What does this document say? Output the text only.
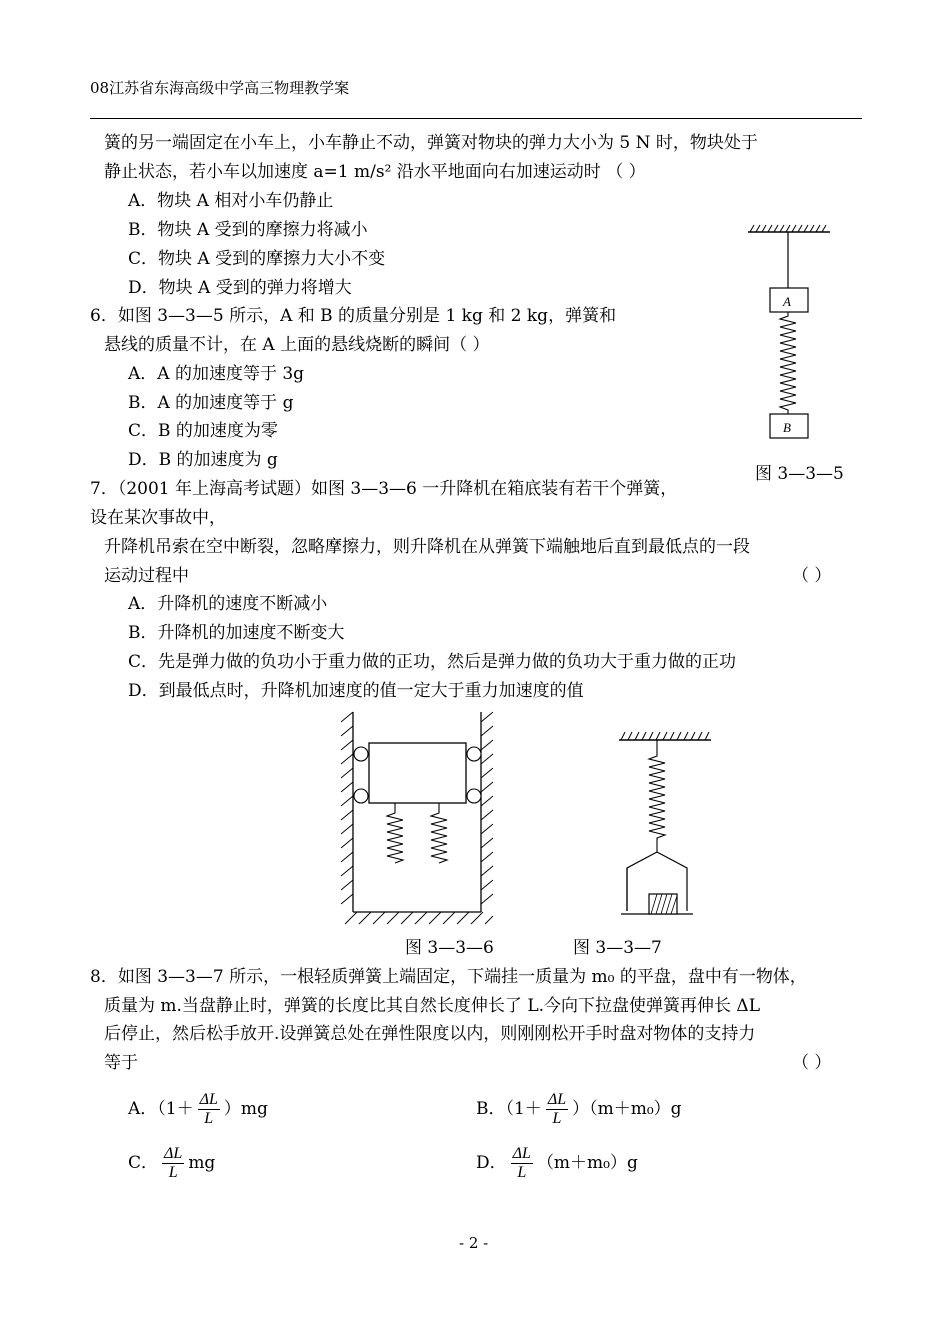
08江苏省东海高级中学高三物理教学案
簧的另一端固定在小车上，小车静止不动，弹簧对物块的弹力大小为 5 N 时，物块处于
静止状态，若小车以加速度 a=1 m/s² 沿水平地面向右加速运动时 （ ）
A．物块 A 相对小车仍静止
B．物块 A 受到的摩擦力将减小
C．物块 A 受到的摩擦力大小不变
D．物块 A 受到的弹力将增大
6．如图 3—3—5 所示，A 和 B 的质量分别是 1 kg 和 2 kg，弹簧和
悬线的质量不计，在 A 上面的悬线烧断的瞬间（ ）
A．A 的加速度等于 3g
B．A 的加速度等于 g
C．B 的加速度为零
D．B 的加速度为 g
A
B
图 3—3—5
7．（2001 年上海高考试题）如图 3—3—6 一升降机在箱底装有若干个弹簧，
设在某次事故中，
升降机吊索在空中断裂，忽略摩擦力，则升降机在从弹簧下端触地后直到最低点的一段
运动过程中	（ ）
A．升降机的速度不断减小
B．升降机的加速度不断变大
C．先是弹力做的负功小于重力做的正功，然后是弹力做的负功大于重力做的正功
D．到最低点时，升降机加速度的值一定大于重力加速度的值
图 3—3—6	图 3—3—7
8．如图 3—3—7 所示，一根轻质弹簧上端固定，下端挂一质量为 m₀ 的平盘，盘中有一物体，
质量为 m.当盘静止时，弹簧的长度比其自然长度伸长了 L.今向下拉盘使弹簧再伸长 ΔL
后停止，然后松手放开.设弹簧总处在弹性限度以内，则刚刚松开手时盘对物体的支持力
等于	（ ）
A．$(1+ \frac{\Delta L}{L} )mg$	B．$(1+ \frac{\Delta L}{L} )(m+m_0)g$
C． $\frac{\Delta L}{L}$ mg	D． $\frac{\Delta L}{L} (m+m_0)g$
- 2 -
